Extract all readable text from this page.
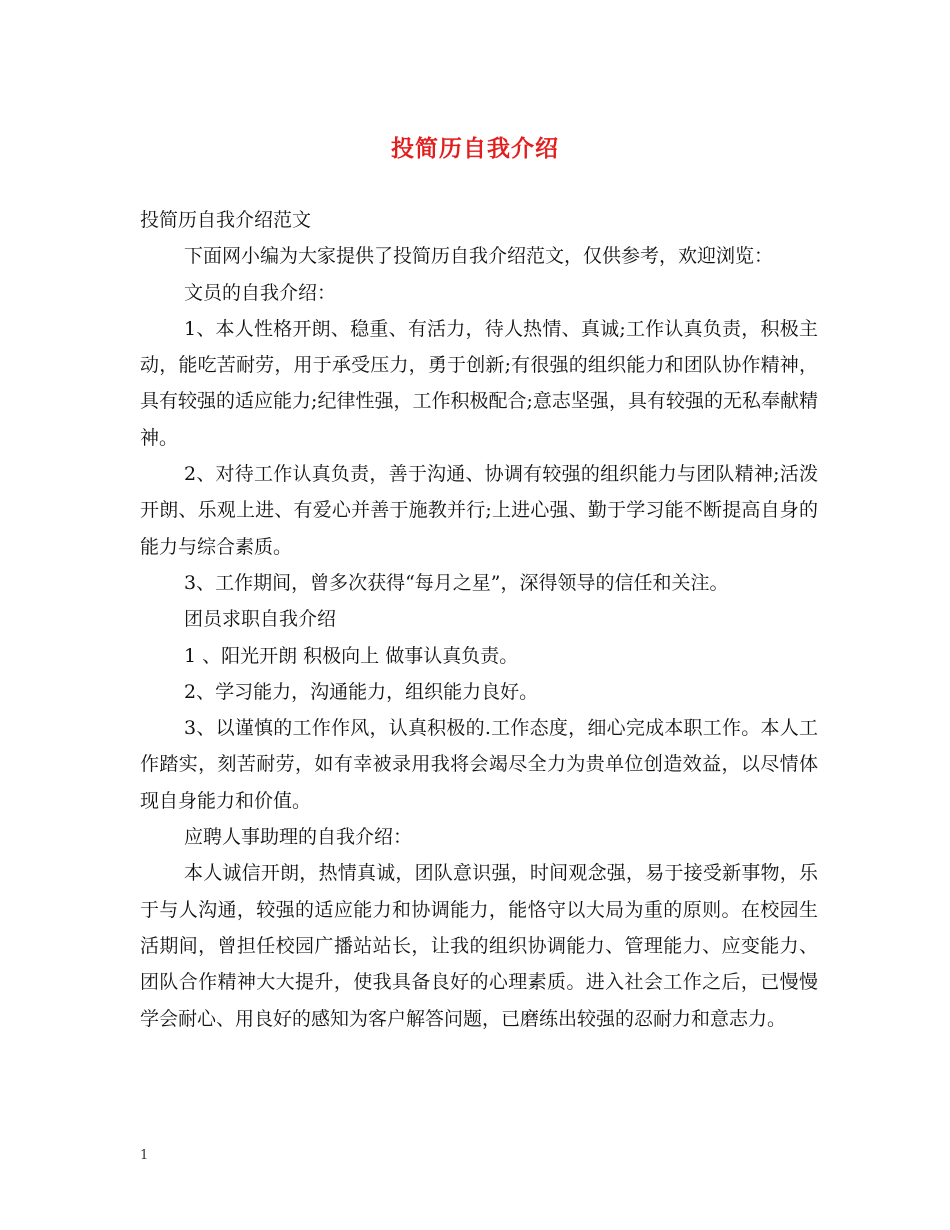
投简历自我介绍

投简历自我介绍范文

下面网小编为大家提供了投简历自我介绍范文，仅供参考，欢迎浏览：

文员的自我介绍：

1、本人性格开朗、稳重、有活力，待人热情、真诚;工作认真负责，积极主动，能吃苦耐劳，用于承受压力，勇于创新;有很强的组织能力和团队协作精神，具有较强的适应能力;纪律性强，工作积极配合;意志坚强，具有较强的无私奉献精神。

2、对待工作认真负责，善于沟通、协调有较强的组织能力与团队精神;活泼开朗、乐观上进、有爱心并善于施教并行;上进心强、勤于学习能不断提高自身的能力与综合素质。

3、工作期间，曾多次获得“每月之星”，深得领导的信任和关注。

团员求职自我介绍

1 、阳光开朗 积极向上 做事认真负责。

2、学习能力，沟通能力，组织能力良好。

3、以谨慎的工作作风，认真积极的.工作态度，细心完成本职工作。本人工作踏实，刻苦耐劳，如有幸被录用我将会竭尽全力为贵单位创造效益，以尽情体现自身能力和价值。

应聘人事助理的自我介绍：

本人诚信开朗，热情真诚，团队意识强，时间观念强，易于接受新事物，乐于与人沟通，较强的适应能力和协调能力，能恪守以大局为重的原则。在校园生活期间，曾担任校园广播站站长，让我的组织协调能力、管理能力、应变能力、团队合作精神大大提升，使我具备良好的心理素质。进入社会工作之后，已慢慢学会耐心、用良好的感知为客户解答问题，已磨练出较强的忍耐力和意志力。

1
